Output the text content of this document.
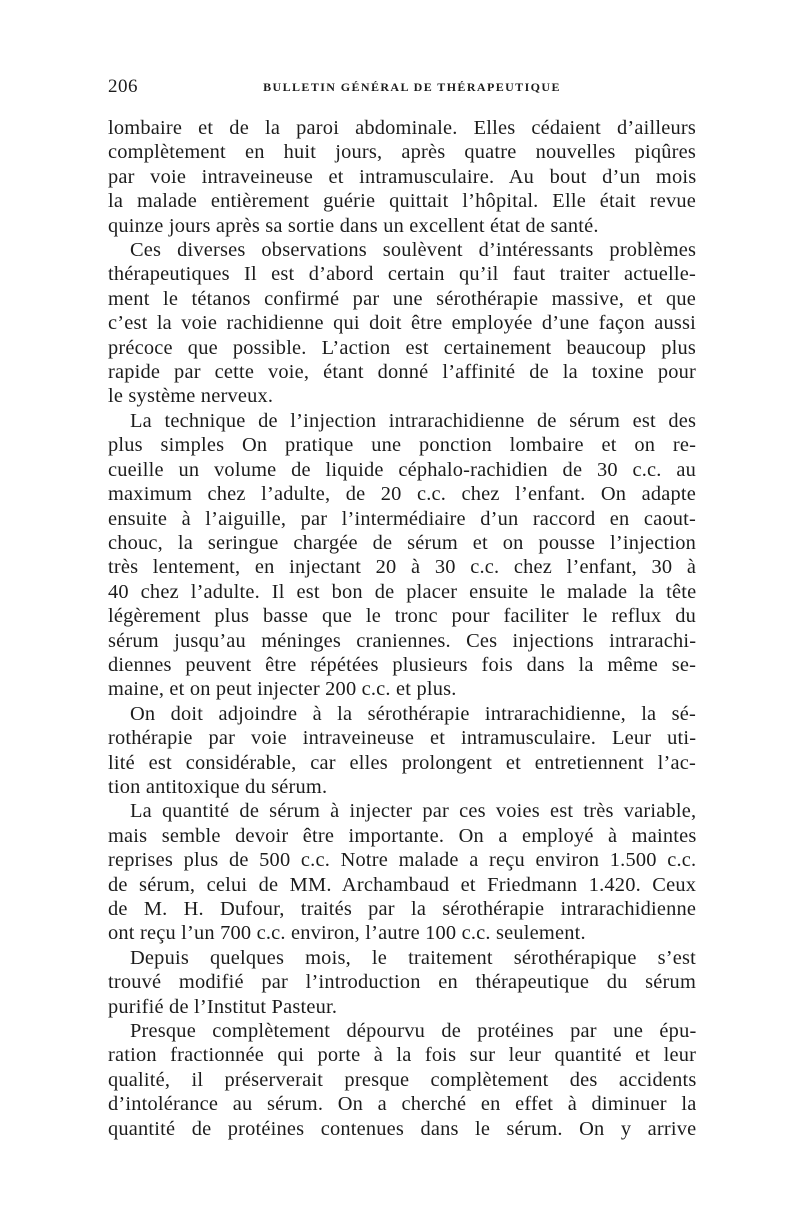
206	BULLETIN GÉNÉRAL DE THÉRAPEUTIQUE
lombaire et de la paroi abdominale. Elles cédaient d’ailleurs
complètement en huit jours, après quatre nouvelles piqûres
par voie intraveineuse et intramusculaire. Au bout d’un mois
la malade entièrement guérie quittait l’hôpital. Elle était revue
quinze jours après sa sortie dans un excellent état de santé.
Ces diverses observations soulèvent d’intéressants problèmes
thérapeutiques Il est d’abord certain qu’il faut traiter actuelle-
ment le tétanos confirmé par une sérothérapie massive, et que
c’est la voie rachidienne qui doit être employée d’une façon aussi
précoce que possible. L’action est certainement beaucoup plus
rapide par cette voie, étant donné l’affinité de la toxine pour
le système nerveux.
La technique de l’injection intrarachidienne de sérum est des
plus simples On pratique une ponction lombaire et on re-
cueille un volume de liquide céphalo-rachidien de 30 c.c. au
maximum chez l’adulte, de 20 c.c. chez l’enfant. On adapte
ensuite à l’aiguille, par l’intermédiaire d’un raccord en caout-
chouc, la seringue chargée de sérum et on pousse l’injection
très lentement, en injectant 20 à 30 c.c. chez l’enfant, 30 à
40 chez l’adulte. Il est bon de placer ensuite le malade la tête
légèrement plus basse que le tronc pour faciliter le reflux du
sérum jusqu’au méninges craniennes. Ces injections intrarachi-
diennes peuvent être répétées plusieurs fois dans la même se-
maine, et on peut injecter 200 c.c. et plus.
On doit adjoindre à la sérothérapie intrarachidienne, la sé-
rothérapie par voie intraveineuse et intramusculaire. Leur uti-
lité est considérable, car elles prolongent et entretiennent l’ac-
tion antitoxique du sérum.
La quantité de sérum à injecter par ces voies est très variable,
mais semble devoir être importante. On a employé à maintes
reprises plus de 500 c.c. Notre malade a reçu environ 1.500 c.c.
de sérum, celui de MM. Archambaud et Friedmann 1.420. Ceux
de M. H. Dufour, traités par la sérothérapie intrarachidienne
ont reçu l’un 700 c.c. environ, l’autre 100 c.c. seulement.
Depuis quelques mois, le traitement sérothérapique s’est
trouvé modifié par l’introduction en thérapeutique du sérum
purifié de l’Institut Pasteur.
Presque complètement dépourvu de protéines par une épu-
ration fractionnée qui porte à la fois sur leur quantité et leur
qualité, il préserverait presque complètement des accidents
d’intolérance au sérum. On a cherché en effet à diminuer la
quantité de protéines contenues dans le sérum. On y arrive
